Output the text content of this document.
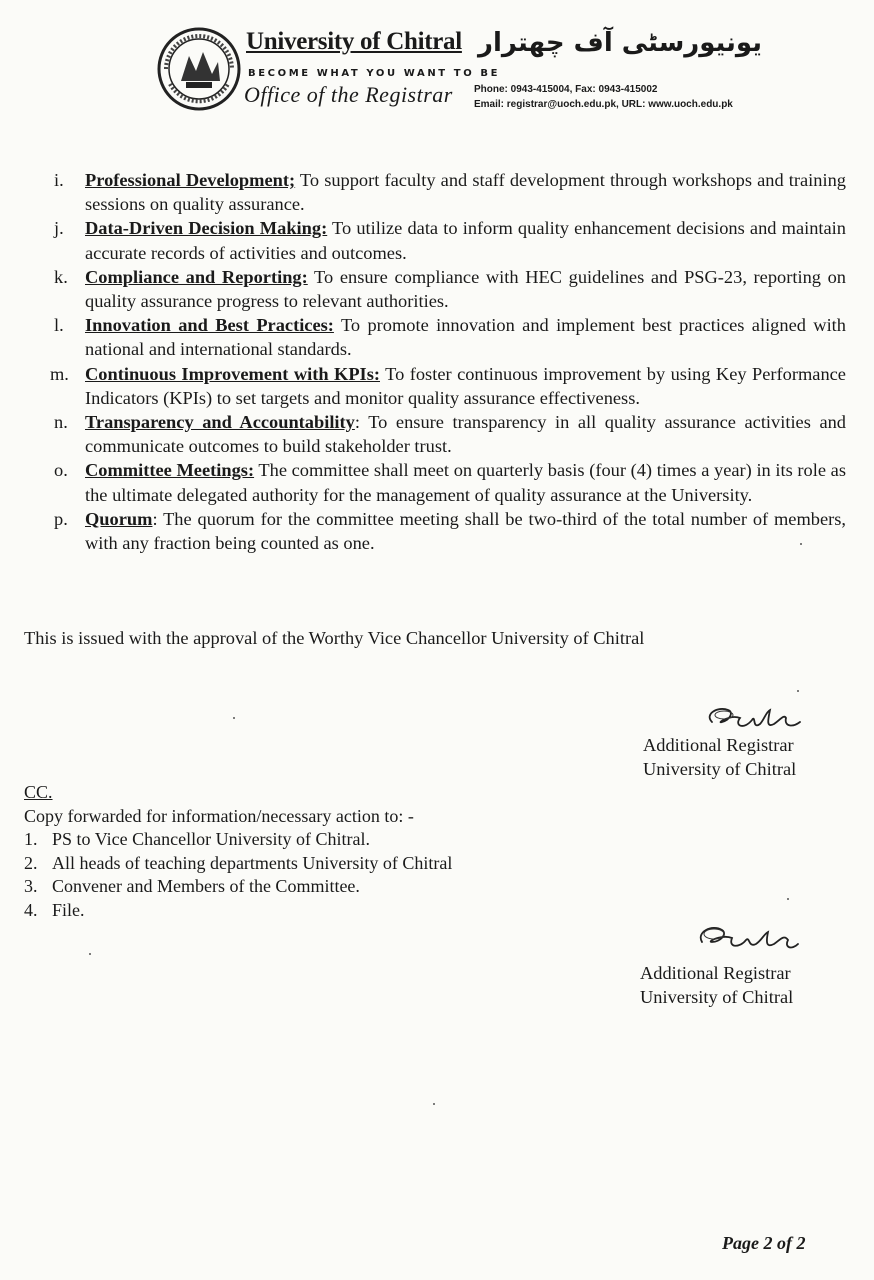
University of Chitral یونیورسٹی آف چھترار
BECOME WHAT YOU WANT TO BE
Office of the Registrar Phone: 0943-415004, Fax: 0943-415002
Email: registrar@uoch.edu.pk, URL: www.uoch.edu.pk
i. Professional Development; To support faculty and staff development through workshops and training sessions on quality assurance.
j. Data-Driven Decision Making: To utilize data to inform quality enhancement decisions and maintain accurate records of activities and outcomes.
k. Compliance and Reporting: To ensure compliance with HEC guidelines and PSG-23, reporting on quality assurance progress to relevant authorities.
l. Innovation and Best Practices: To promote innovation and implement best practices aligned with national and international standards.
m. Continuous Improvement with KPIs: To foster continuous improvement by using Key Performance Indicators (KPIs) to set targets and monitor quality assurance effectiveness.
n. Transparency and Accountability: To ensure transparency in all quality assurance activities and communicate outcomes to build stakeholder trust.
o. Committee Meetings: The committee shall meet on quarterly basis (four (4) times a year) in its role as the ultimate delegated authority for the management of quality assurance at the University.
p. Quorum: The quorum for the committee meeting shall be two-third of the total number of members, with any fraction being counted as one.
This is issued with the approval of the Worthy Vice Chancellor University of Chitral
Additional Registrar
University of Chitral
CC.
Copy forwarded for information/necessary action to: -
1. PS to Vice Chancellor University of Chitral.
2. All heads of teaching departments University of Chitral
3. Convener and Members of the Committee.
4. File.
Additional Registrar
University of Chitral
Page 2 of 2
